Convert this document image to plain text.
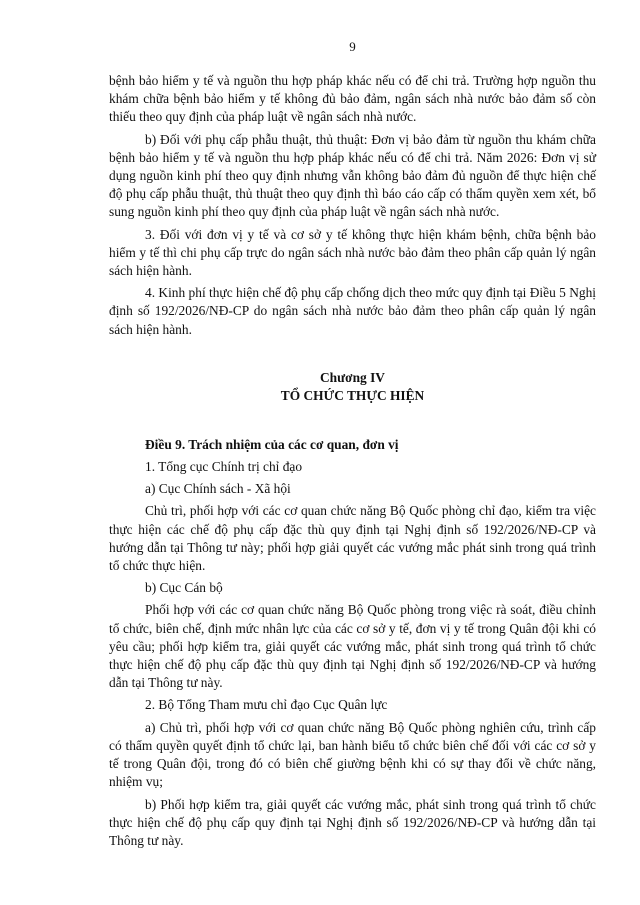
9

bệnh bảo hiểm y tế và nguồn thu hợp pháp khác nếu có để chi trả. Trường hợp nguồn thu khám chữa bệnh bảo hiểm y tế không đủ bảo đảm, ngân sách nhà nước bảo đảm số còn thiếu theo quy định của pháp luật về ngân sách nhà nước.

b) Đối với phụ cấp phẫu thuật, thủ thuật: Đơn vị bảo đảm từ nguồn thu khám chữa bệnh bảo hiểm y tế và nguồn thu hợp pháp khác nếu có để chi trả. Năm 2026: Đơn vị sử dụng nguồn kinh phí theo quy định nhưng vẫn không bảo đảm đủ nguồn để thực hiện chế độ phụ cấp phẫu thuật, thủ thuật theo quy định thì báo cáo cấp có thẩm quyền xem xét, bổ sung nguồn kinh phí theo quy định của pháp luật về ngân sách nhà nước.

3. Đối với đơn vị y tế và cơ sở y tế không thực hiện khám bệnh, chữa bệnh bảo hiểm y tế thì chi phụ cấp trực do ngân sách nhà nước bảo đảm theo phân cấp quản lý ngân sách hiện hành.

4. Kinh phí thực hiện chế độ phụ cấp chống dịch theo mức quy định tại Điều 5 Nghị định số 192/2026/NĐ-CP do ngân sách nhà nước bảo đảm theo phân cấp quản lý ngân sách hiện hành.

Chương IV
TỔ CHỨC THỰC HIỆN

Điều 9. Trách nhiệm của các cơ quan, đơn vị

1. Tổng cục Chính trị chỉ đạo

a) Cục Chính sách - Xã hội

Chủ trì, phối hợp với các cơ quan chức năng Bộ Quốc phòng chỉ đạo, kiểm tra việc thực hiện các chế độ phụ cấp đặc thù quy định tại Nghị định số 192/2026/NĐ-CP và hướng dẫn tại Thông tư này; phối hợp giải quyết các vướng mắc phát sinh trong quá trình tổ chức thực hiện.

b) Cục Cán bộ

Phối hợp với các cơ quan chức năng Bộ Quốc phòng trong việc rà soát, điều chỉnh tổ chức, biên chế, định mức nhân lực của các cơ sở y tế, đơn vị y tế trong Quân đội khi có yêu cầu; phối hợp kiểm tra, giải quyết các vướng mắc, phát sinh trong quá trình tổ chức thực hiện chế độ phụ cấp đặc thù quy định tại Nghị định số 192/2026/NĐ-CP và hướng dẫn tại Thông tư này.

2. Bộ Tổng Tham mưu chỉ đạo Cục Quân lực

a) Chủ trì, phối hợp với cơ quan chức năng Bộ Quốc phòng nghiên cứu, trình cấp có thẩm quyền quyết định tổ chức lại, ban hành biểu tổ chức biên chế đối với các cơ sở y tế trong Quân đội, trong đó có biên chế giường bệnh khi có sự thay đổi về chức năng, nhiệm vụ;

b) Phối hợp kiểm tra, giải quyết các vướng mắc, phát sinh trong quá trình tổ chức thực hiện chế độ phụ cấp quy định tại Nghị định số 192/2026/NĐ-CP và hướng dẫn tại Thông tư này.
